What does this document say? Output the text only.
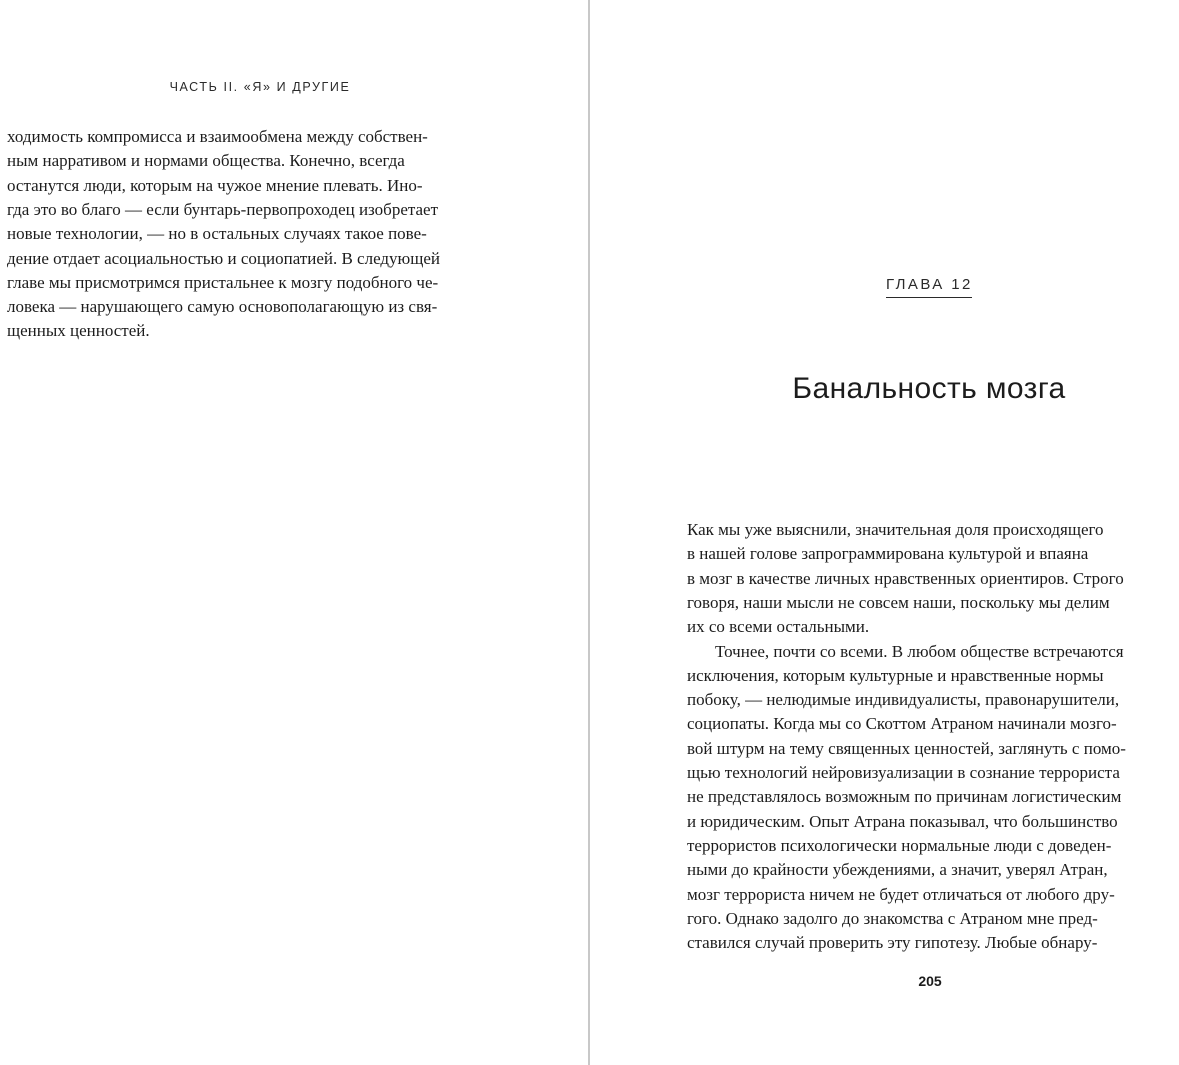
ЧАСТЬ II. «Я» И ДРУГИЕ
ходимость компромисса и взаимообмена между собствен-
ным нарративом и нормами общества. Конечно, всегда
останутся люди, которым на чужое мнение плевать. Ино-
гда это во благо — если бунтарь-первопроходец изобретает
новые технологии, — но в остальных случаях такое пове-
дение отдает асоциальностью и социопатией. В следующей
главе мы присмотримся пристальнее к мозгу подобного че-
ловека — нарушающего самую основополагающую из свя-
щенных ценностей.
ГЛАВА 12
Банальность мозга
Как мы уже выяснили, значительная доля происходящего
в нашей голове запрограммирована культурой и впаяна
в мозг в качестве личных нравственных ориентиров. Строго
говоря, наши мысли не совсем наши, поскольку мы делим
их со всеми остальными.
Точнее, почти со всеми. В любом обществе встречаются
исключения, которым культурные и нравственные нормы
побоку, — нелюдимые индивидуалисты, правонарушители,
социопаты. Когда мы со Скоттом Атраном начинали мозго-
вой штурм на тему священных ценностей, заглянуть с помо-
щью технологий нейровизуализации в сознание террориста
не представлялось возможным по причинам логистическим
и юридическим. Опыт Атрана показывал, что большинство
террористов психологически нормальные люди с доведен-
ными до крайности убеждениями, а значит, уверял Атран,
мозг террориста ничем не будет отличаться от любого дру-
гого. Однако задолго до знакомства с Атраном мне пред-
ставился случай проверить эту гипотезу. Любые обнару-
205
